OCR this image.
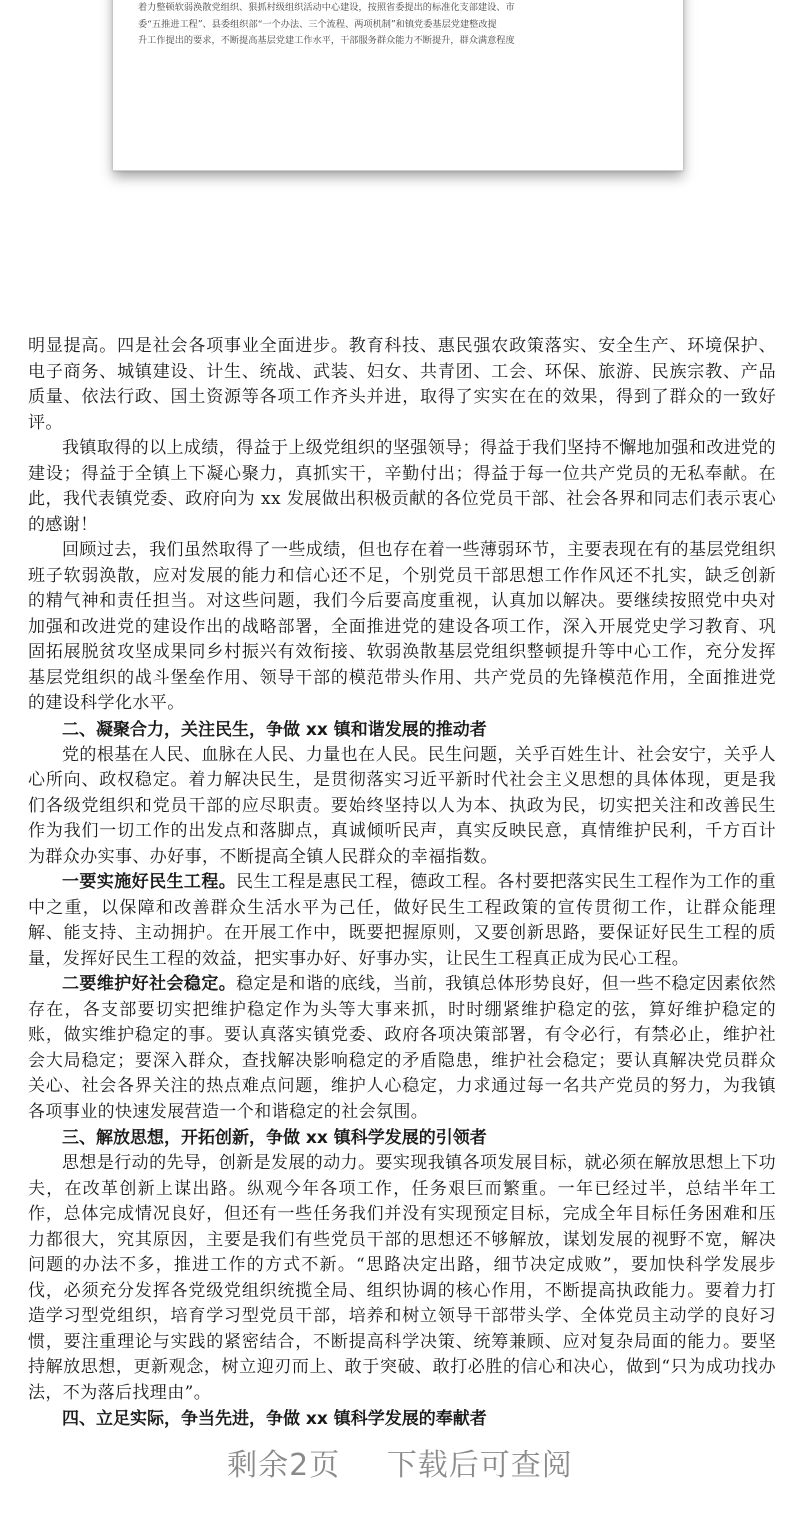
着力整顿软弱涣散党组织、狠抓村级组织活动中心建设，按照省委提出的标准化支部建设、市

委“五推进工程”、县委组织部“一个办法、三个流程、两项机制”和镇党委基层党建整改提

升工作提出的要求，不断提高基层党建工作水平，干部服务群众能力不断提升，群众满意程度

明显提高。四是社会各项事业全面进步。教育科技、惠民强农政策落实、安全生产、环境保护、电子商务、城镇建设、计生、统战、武装、妇女、共青团、工会、环保、旅游、民族宗教、产品质量、依法行政、国土资源等各项工作齐头并进，取得了实实在在的效果，得到了群众的一致好评。

我镇取得的以上成绩，得益于上级党组织的坚强领导；得益于我们坚持不懈地加强和改进党的建设；得益于全镇上下凝心聚力，真抓实干，辛勤付出；得益于每一位共产党员的无私奉献。在此，我代表镇党委、政府向为 xx 发展做出积极贡献的各位党员干部、社会各界和同志们表示衷心的感谢！

回顾过去，我们虽然取得了一些成绩，但也存在着一些薄弱环节，主要表现在有的基层党组织班子软弱涣散，应对发展的能力和信心还不足，个别党员干部思想工作作风还不扎实，缺乏创新的精气神和责任担当。对这些问题，我们今后要高度重视，认真加以解决。要继续按照党中央对加强和改进党的建设作出的战略部署，全面推进党的建设各项工作，深入开展党史学习教育、巩固拓展脱贫攻坚成果同乡村振兴有效衔接、软弱涣散基层党组织整顿提升等中心工作，充分发挥基层党组织的战斗堡垒作用、领导干部的模范带头作用、共产党员的先锋模范作用，全面推进党的建设科学化水平。

二、凝聚合力，关注民生，争做 xx 镇和谐发展的推动者

党的根基在人民、血脉在人民、力量也在人民。民生问题，关乎百姓生计、社会安宁，关乎人心所向、政权稳定。着力解决民生，是贯彻落实习近平新时代社会主义思想的具体体现，更是我们各级党组织和党员干部的应尽职责。要始终坚持以人为本、执政为民，切实把关注和改善民生作为我们一切工作的出发点和落脚点，真诚倾听民声，真实反映民意，真情维护民利，千方百计为群众办实事、办好事，不断提高全镇人民群众的幸福指数。

一要实施好民生工程。民生工程是惠民工程，德政工程。各村要把落实民生工程作为工作的重中之重，以保障和改善群众生活水平为己任，做好民生工程政策的宣传贯彻工作，让群众能理解、能支持、主动拥护。在开展工作中，既要把握原则，又要创新思路，要保证好民生工程的质量，发挥好民生工程的效益，把实事办好、好事办实，让民生工程真正成为民心工程。

二要维护好社会稳定。稳定是和谐的底线，当前，我镇总体形势良好，但一些不稳定因素依然存在，各支部要切实把维护稳定作为头等大事来抓，时时绷紧维护稳定的弦，算好维护稳定的账，做实维护稳定的事。要认真落实镇党委、政府各项决策部署，有令必行，有禁必止，维护社会大局稳定；要深入群众，查找解决影响稳定的矛盾隐患，维护社会稳定；要认真解决党员群众关心、社会各界关注的热点难点问题，维护人心稳定，力求通过每一名共产党员的努力，为我镇各项事业的快速发展营造一个和谐稳定的社会氛围。

三、解放思想，开拓创新，争做 xx 镇科学发展的引领者

思想是行动的先导，创新是发展的动力。要实现我镇各项发展目标，就必须在解放思想上下功夫，在改革创新上谋出路。纵观今年各项工作，任务艰巨而繁重。一年已经过半，总结半年工作，总体完成情况良好，但还有一些任务我们并没有实现预定目标，完成全年目标任务困难和压力都很大，究其原因，主要是我们有些党员干部的思想还不够解放，谋划发展的视野不宽，解决问题的办法不多，推进工作的方式不新。“思路决定出路，细节决定成败”，要加快科学发展步伐，必须充分发挥各党级党组织统揽全局、组织协调的核心作用，不断提高执政能力。要着力打造学习型党组织，培育学习型党员干部，培养和树立领导干部带头学、全体党员主动学的良好习惯，要注重理论与实践的紧密结合，不断提高科学决策、统筹兼顾、应对复杂局面的能力。要坚持解放思想，更新观念，树立迎刃而上、敢于突破、敢打必胜的信心和决心，做到“只为成功找办法，不为落后找理由”。

四、立足实际，争当先进，争做 xx 镇科学发展的奉献者

剩余2页 下载后可查阅
